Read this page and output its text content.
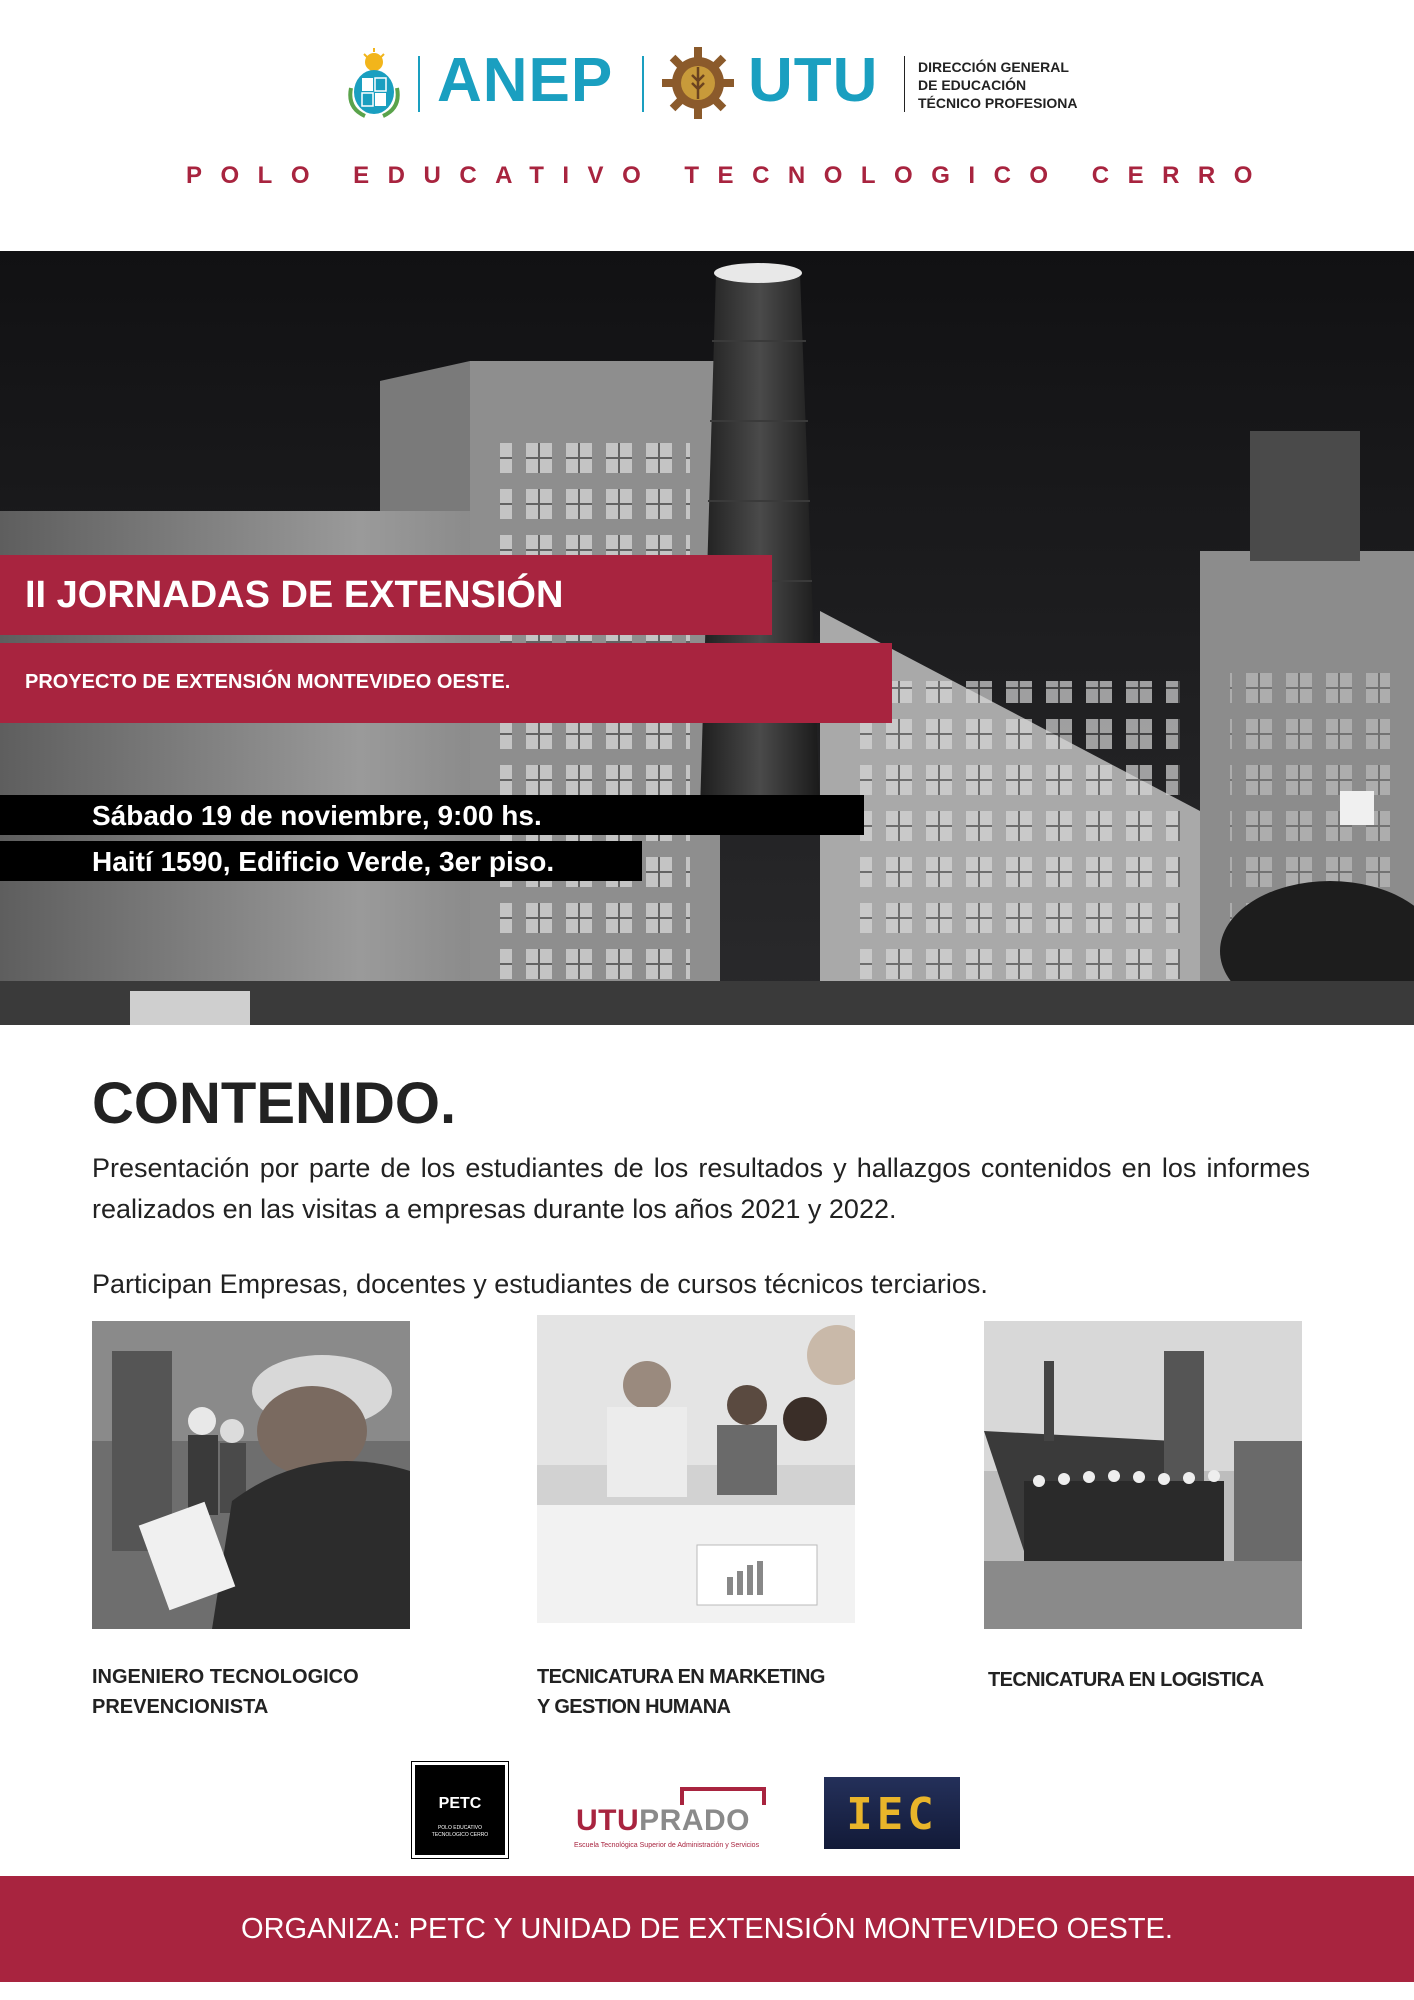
ANEP UTU	DIRECCIÓN GENERAL
DE EDUCACIÓN
TÉCNICO PROFESIONA
POLO EDUCATIVO TECNOLOGICO CERRO
II JORNADAS DE EXTENSIÓN
PROYECTO DE EXTENSIÓN MONTEVIDEO OESTE.
Sábado 19 de noviembre, 9:00 hs.
Haití 1590, Edificio Verde, 3er piso.
CONTENIDO.
Presentación por parte de los estudiantes de los resultados y hallazgos contenidos en los informes realizados en las visitas a empresas durante los años 2021 y 2022.
Participan Empresas, docentes y estudiantes de cursos técnicos terciarios.
INGENIERO TECNOLOGICO
PREVENCIONISTA
TECNICATURA EN MARKETING
Y GESTION HUMANA
TECNICATURA EN LOGISTICA
PETC
POLO EDUCATIVO
TECNOLOGICO CERRO	UTUPRADO
Escuela Tecnológica Superior de Administración y Servicios
IEC
ORGANIZA: PETC Y UNIDAD DE EXTENSIÓN MONTEVIDEO OESTE.
